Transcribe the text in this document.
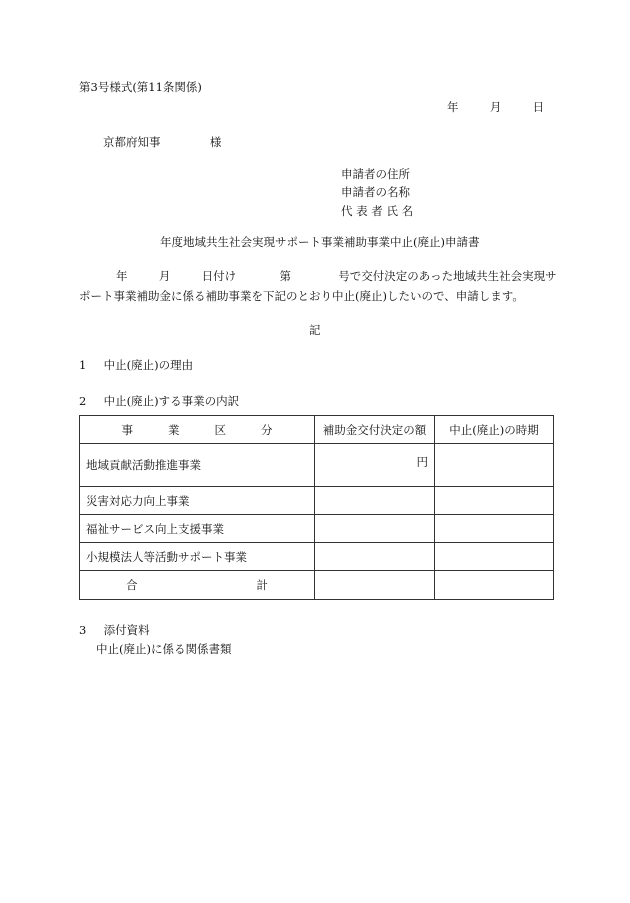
第3号様式(第11条関係)
年	月	日
京都府知事	様
申請者の住所
申請者の名称
代 表 者 氏 名
年度地域共生社会実現サポート事業補助事業中止(廃止)申請書
年	月	日付け	第	号で交付決定のあった地域共生社会実現サ
ポート事業補助金に係る補助事業を下記のとおり中止(廃止)したいので、申請します。
記
1 中止(廃止)の理由
2 中止(廃止)する事業の内訳
事 業 区 分	補助金交付決定の額	中止(廃止)の時期
地域貢献活動推進事業	円	

災害対応力向上事業		
福祉サービス向上支援事業		
小規模法人等活動サポート事業		

合 計		

3 添付資料
中止(廃止)に係る関係書類
